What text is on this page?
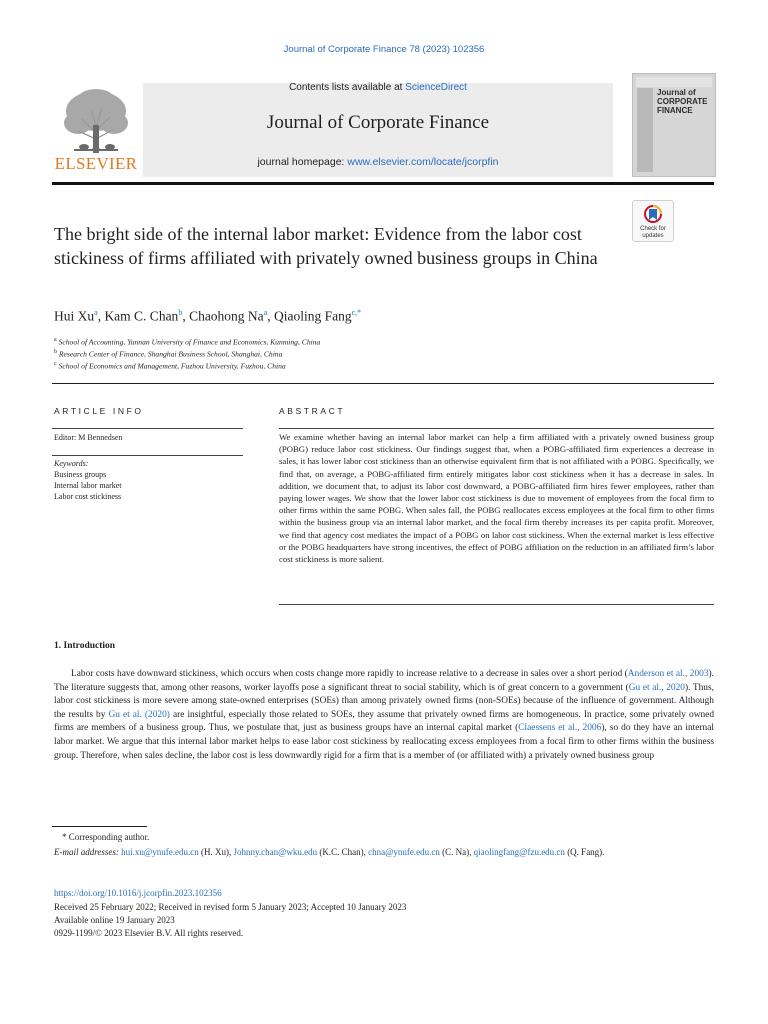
Journal of Corporate Finance 78 (2023) 102356
Contents lists available at ScienceDirect
Journal of Corporate Finance
journal homepage: www.elsevier.com/locate/jcorpfin
ELSEVIER
Journal of CORPORATE FINANCE
The bright side of the internal labor market: Evidence from the labor cost stickiness of firms affiliated with privately owned business groups in China
Check for updates
Hui Xu$^a$, Kam C. Chan$^b$, Chaohong Na$^a$, Qiaoling Fang$^{c,*}$
$^a$ School of Accounting, Yunnan University of Finance and Economics, Kunming, China
$^b$ Research Center of Finance, Shanghai Business School, Shanghai, China
$^c$ School of Economics and Management, Fuzhou University, Fuzhou, China
ARTICLE INFO
Editor: M Bennedsen
Keywords:
Business groups
Internal labor market
Labor cost stickiness
ABSTRACT
We examine whether having an internal labor market can help a firm affiliated with a privately owned business group (POBG) reduce labor cost stickiness. Our findings suggest that, when a POBG-affiliated firm experiences a decrease in sales, it has lower labor cost stickiness than an otherwise equivalent firm that is not affiliated with a POBG. Specifically, we find that, on average, a POBG-affiliated firm entirely mitigates labor cost stickiness when it has a decrease in sales. In addition, we document that, to adjust its labor cost downward, a POBG-affiliated firm hires fewer employees, rather than paying lower wages. We show that the lower labor cost stickiness is due to movement of employees from the focal firm to other firms within the same POBG. When sales fall, the POBG reallocates excess employees at the focal firm to other firms within the business group via an internal labor market, and the focal firm thereby increases its per capita profit. Moreover, we find that agency cost mediates the impact of a POBG on labor cost stickiness. When the external market is less effective or the POBG headquarters have strong incentives, the effect of POBG affiliation on the reduction in an affiliated firm’s labor cost stickiness is more salient.
1. Introduction

Labor costs have downward stickiness, which occurs when costs change more rapidly to increase relative to a decrease in sales over a short period (Anderson et al., 2003). The literature suggests that, among other reasons, worker layoffs pose a significant threat to social stability, which is of great concern to a government (Gu et al., 2020). Thus, labor cost stickiness is more severe among state-owned enterprises (SOEs) than among privately owned firms (non-SOEs) because of the influence of government. Although the results by Gu et al. (2020) are insightful, especially those related to SOEs, they assume that privately owned firms are homogeneous. In practice, some privately owned firms are members of a business group. Thus, we postulate that, just as business groups have an internal capital market (Claessens et al., 2006), so do they have an internal labor market. We argue that this internal labor market helps to ease labor cost stickiness by reallocating excess employees from a focal firm to other firms within the business group. Therefore, when sales decline, the labor cost is less downwardly rigid for a firm that is a member of (or affiliated with) a privately owned business group

* Corresponding author.
E-mail addresses: hui.xu@ynufe.edu.cn (H. Xu), Johnny.chan@wku.edu (K.C. Chan), chna@ynufe.edu.cn (C. Na), qiaolingfang@fzu.edu.cn (Q. Fang).
https://doi.org/10.1016/j.jcorpfin.2023.102356
Received 25 February 2022; Received in revised form 5 January 2023; Accepted 10 January 2023
Available online 19 January 2023
0929-1199/© 2023 Elsevier B.V. All rights reserved.
